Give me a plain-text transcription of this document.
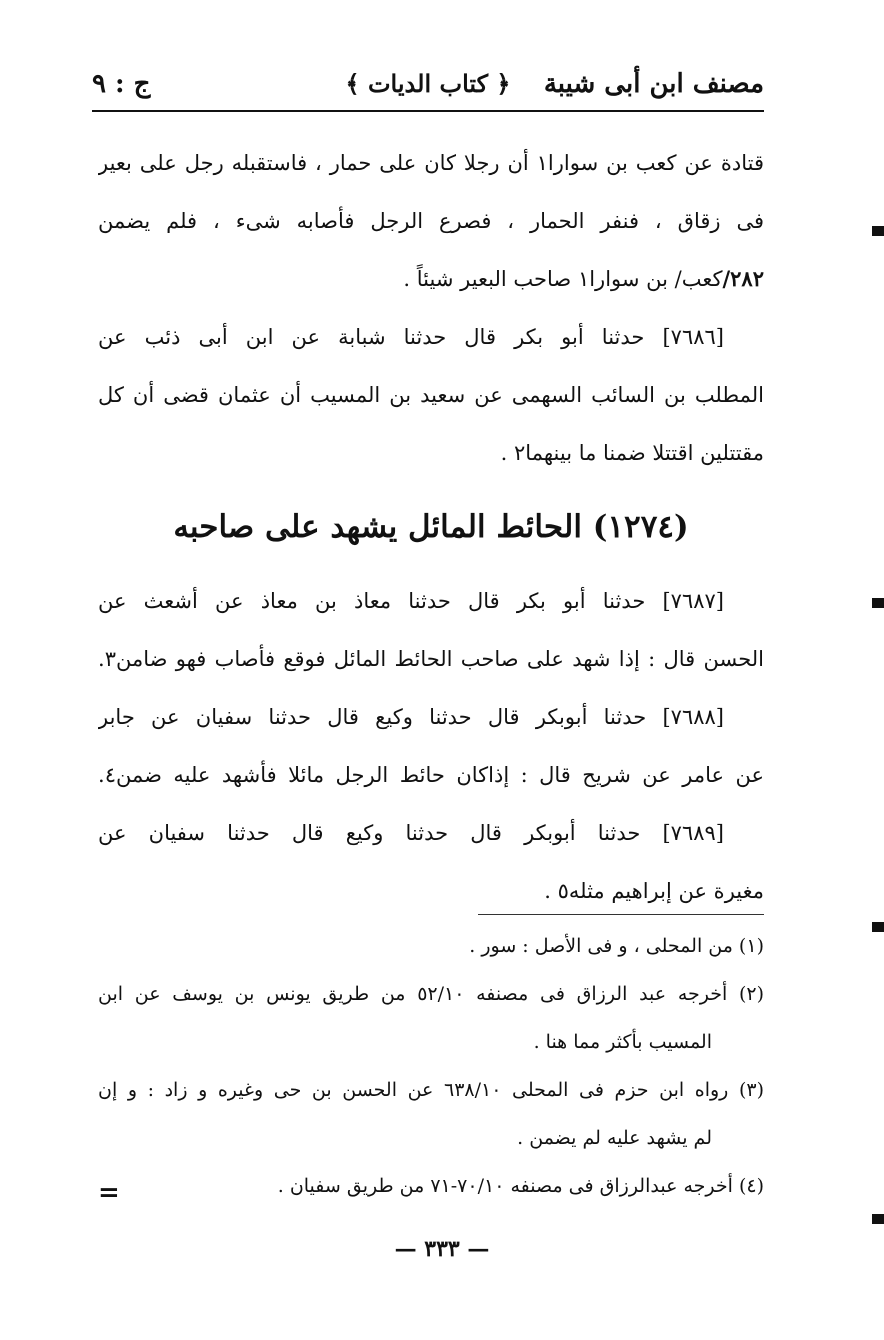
مصنف ابن أبى شيبة
﴿ كتاب الديات ﴾
ج : ٩
قتادة عن كعب بن سوارا١ أن رجلا كان على حمار ، فاستقبله رجل على بعير
فى زقاق ، فنفر الحمار ، فصرع الرجل فأصابه شىء ، فلم يضمن
٢٨٢/
كعب/ بن سوارا١ صاحب البعير شيئاً .
[٧٦٨٦] حدثنا أبو بكر قال حدثنا شبابة عن ابن أبى ذئب عن
المطلب بن السائب السهمى عن سعيد بن المسيب أن عثمان قضى أن كل
مقتتلين اقتتلا ضمنا ما بينهما٢ .
(١٢٧٤) الحائط المائل يشهد على صاحبه
[٧٦٨٧] حدثنا أبو بكر قال حدثنا معاذ بن معاذ عن أشعث عن
الحسن قال : إذا شهد على صاحب الحائط المائل فوقع فأصاب فهو ضامن٣.
[٧٦٨٨] حدثنا أبوبكر قال حدثنا وكيع قال حدثنا سفيان عن جابر
عن عامر عن شريح قال : إذاكان حائط الرجل مائلا فأشهد عليه ضمن٤.
[٧٦٨٩] حدثنا أبوبكر قال حدثنا وكيع قال حدثنا سفيان عن
مغيرة عن إبراهيم مثله٥ .
(١) من المحلى ، و فى الأصل : سور .
(٢) أخرجه عبد الرزاق فى مصنفه ٥٢/١٠ من طريق يونس بن يوسف عن ابن
المسيب بأكثر مما هنا .
(٣) رواه ابن حزم فى المحلى ٦٣٨/١٠ عن الحسن بن حى وغيره و زاد : و إن
لم يشهد عليه لم يضمن .
(٤) أخرجه عبدالرزاق فى مصنفه ٧٠/١٠-٧١ من طريق سفيان .
=
— ٣٣٣ —
